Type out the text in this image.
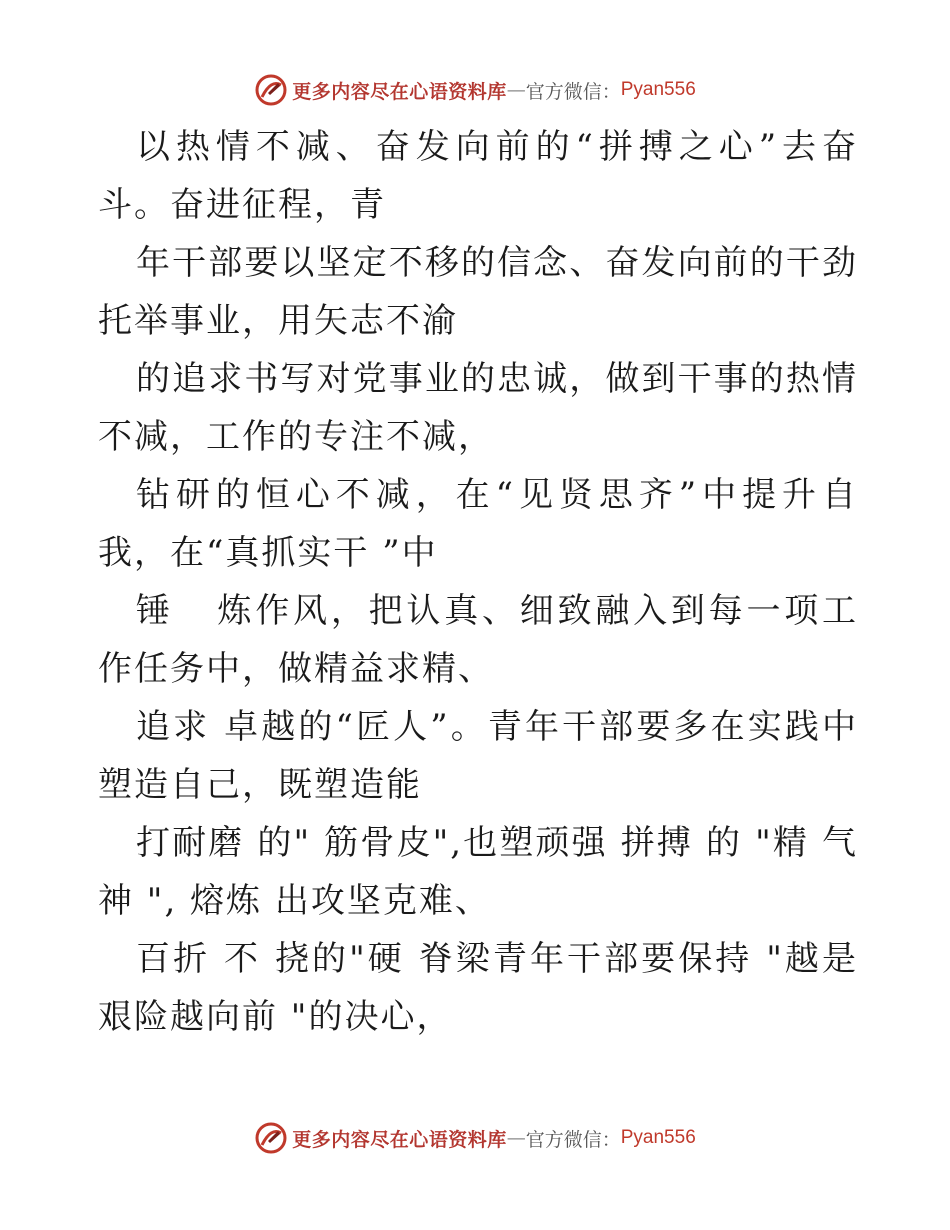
更多内容尽在心语资料库 — 官方微信： Pyan556

以热情不减、奋发向前的“拼搏之心”去奋斗。奋进征程，青

年干部要以坚定不移的信念、奋发向前的干劲托举事业，用矢志不渝

的追求书写对党事业的忠诚，做到干事的热情不减，工作的专注不减，

钻研的恒心不减，在“见贤思齐”中提升自我，在“真抓实干 ”中

锤   炼作风，把认真、细致融入到每一项工作任务中，做精益求精、

追求 卓越的“匠人”。青年干部要多在实践中塑造自己，既塑造能

打耐磨 的" 筋骨皮",也塑顽强 拼搏 的 "精 气 神 ", 熔炼 出攻坚克难、

百折 不 挠的"硬 脊梁青年干部要保持 "越是艰险越向前 "的决心，

更多内容尽在心语资料库 — 官方微信： Pyan556
